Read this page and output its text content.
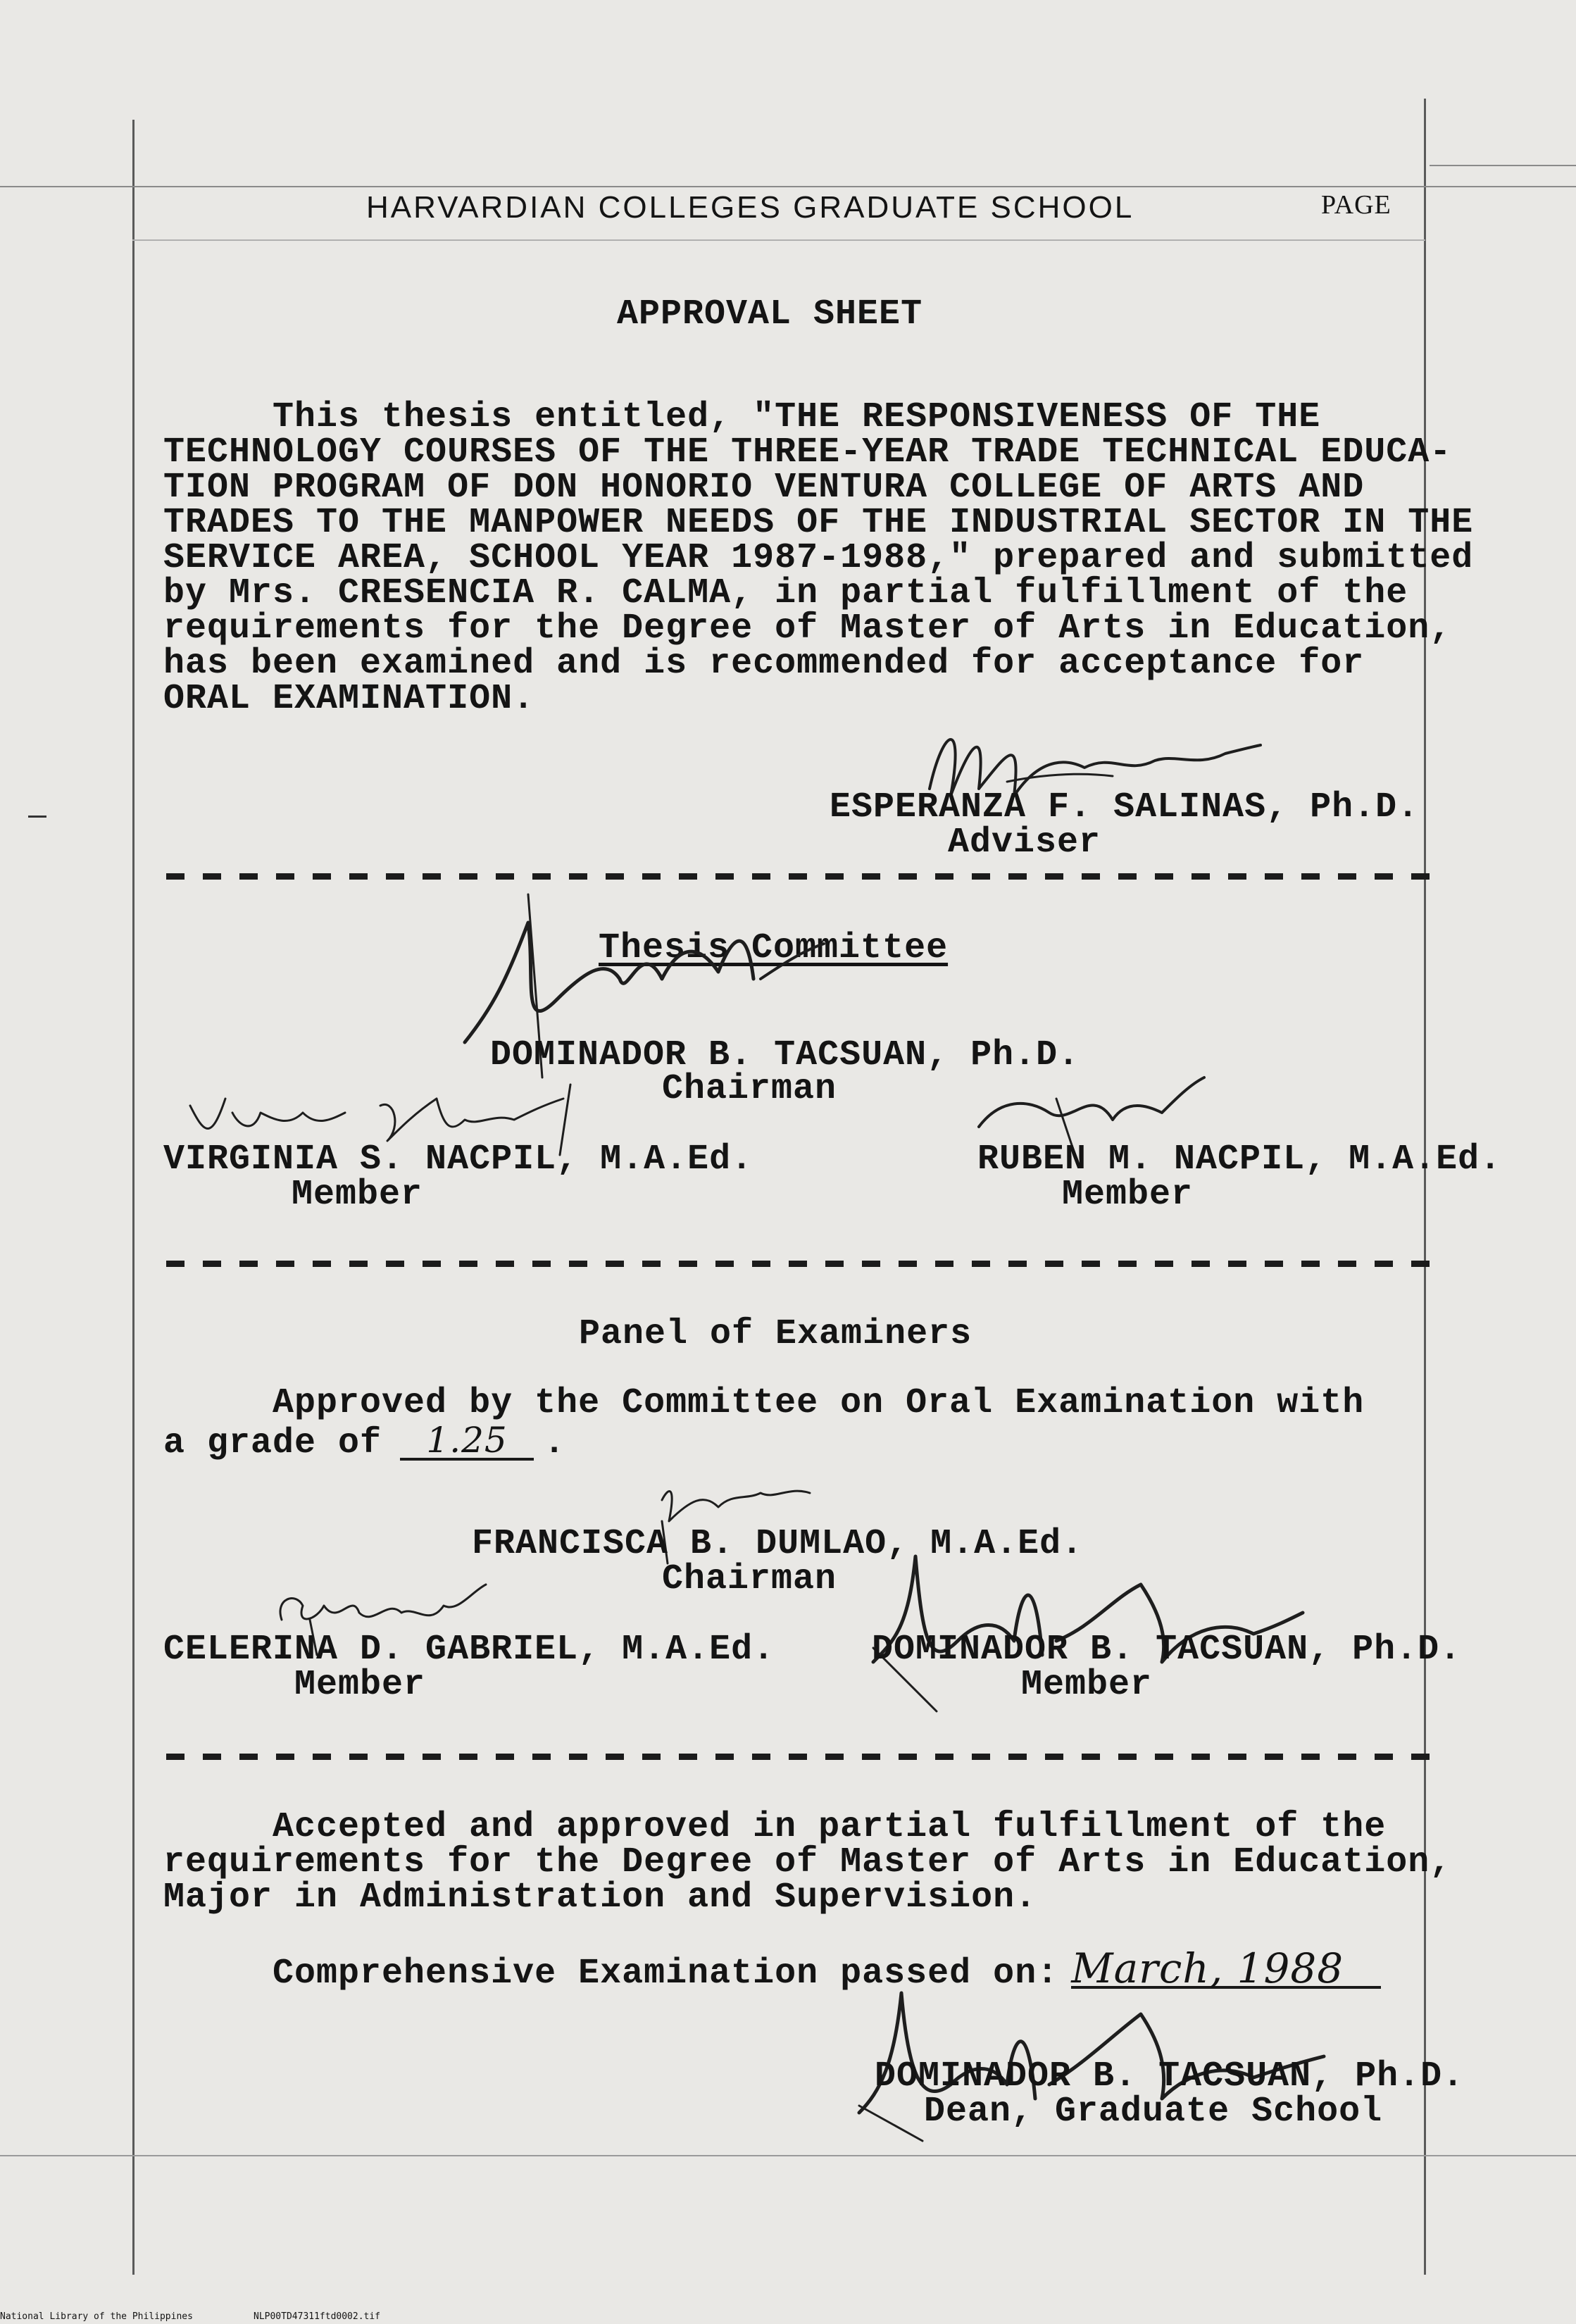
HARVARDIAN COLLEGES GRADUATE SCHOOL	PAGE
APPROVAL SHEET
This thesis entitled, "THE RESPONSIVENESS OF THE
TECHNOLOGY COURSES OF THE THREE-YEAR TRADE TECHNICAL EDUCA-
TION PROGRAM OF DON HONORIO VENTURA COLLEGE OF ARTS AND
TRADES TO THE MANPOWER NEEDS OF THE INDUSTRIAL SECTOR IN THE
SERVICE AREA, SCHOOL YEAR 1987-1988," prepared and submitted
by Mrs. CRESENCIA R. CALMA, in partial fulfillment of the
requirements for the Degree of Master of Arts in Education,
has been examined and is recommended for acceptance for
ORAL EXAMINATION.
ESPERANZA F. SALINAS, Ph.D.
Adviser
Thesis Committee
DOMINADOR B. TACSUAN, Ph.D.
Chairman
VIRGINIA S. NACPIL, M.A.Ed.
Member
RUBEN M. NACPIL, M.A.Ed.
Member
Panel of Examiners
Approved by the Committee on Oral Examination with
a grade of 1.25 .
FRANCISCA B. DUMLAO, M.A.Ed.
Chairman
CELERINA D. GABRIEL, M.A.Ed.
Member
DOMINADOR B. TACSUAN, Ph.D.
Member
Accepted and approved in partial fulfillment of the
requirements for the Degree of Master of Arts in Education,
Major in Administration and Supervision.
Comprehensive Examination passed on: March, 1988
DOMINADOR B. TACSUAN, Ph.D.
Dean, Graduate School
National Library of the Philippines	NLP00TD47311ftd0002.tif
